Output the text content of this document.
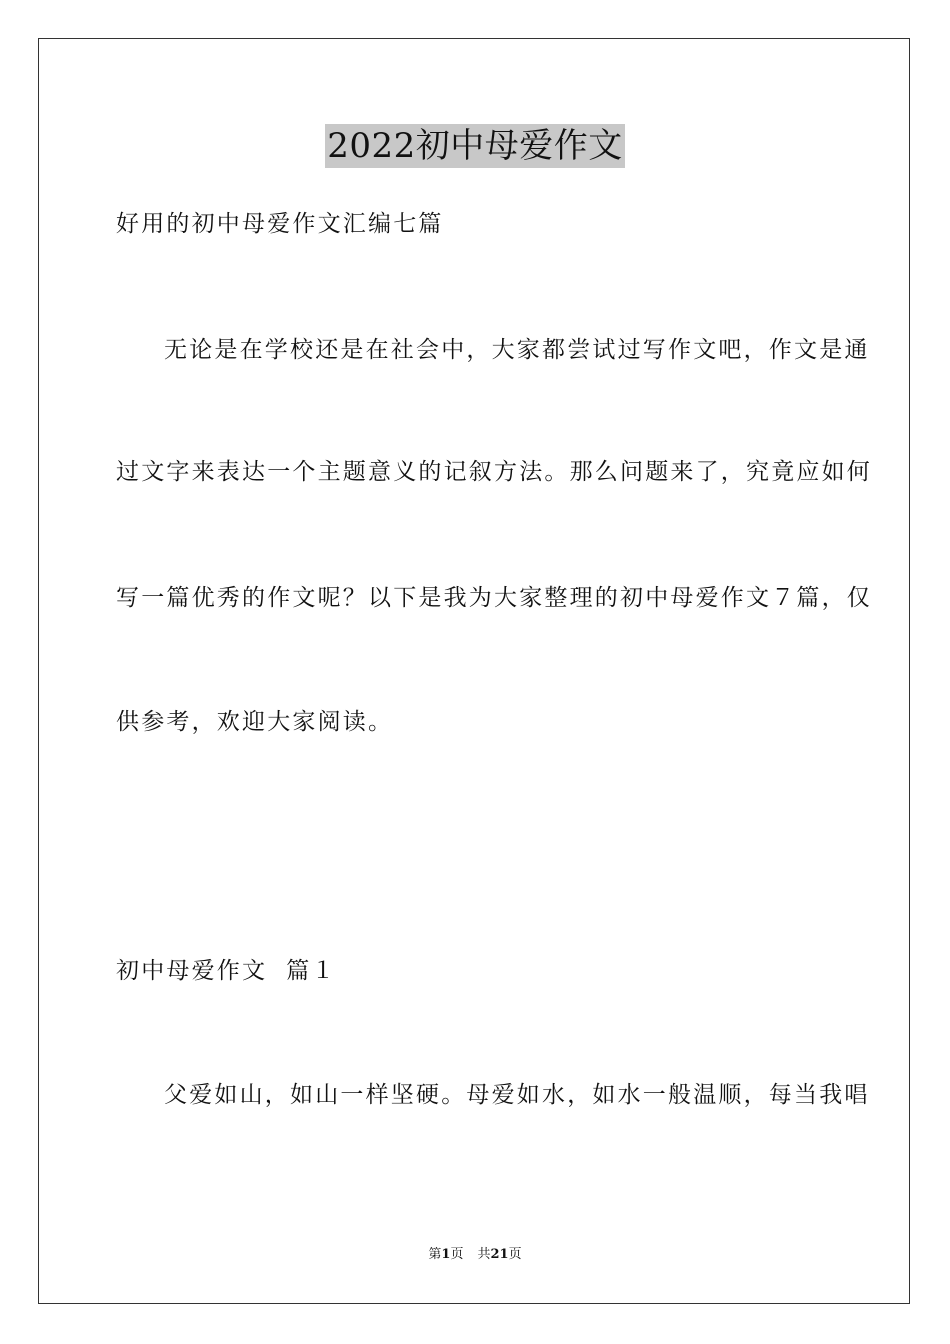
2022初中母爱作文
好用的初中母爱作文汇编七篇
无论是在学校还是在社会中，大家都尝试过写作文吧，作文是通
过文字来表达一个主题意义的记叙方法。那么问题来了，究竟应如何
写一篇优秀的作文呢？以下是我为大家整理的初中母爱作文７篇，仅
供参考，欢迎大家阅读。
初中母爱作文  篇１
父爱如山，如山一样坚硬。母爱如水，如水一般温顺，每当我唱
第1页 共21页
